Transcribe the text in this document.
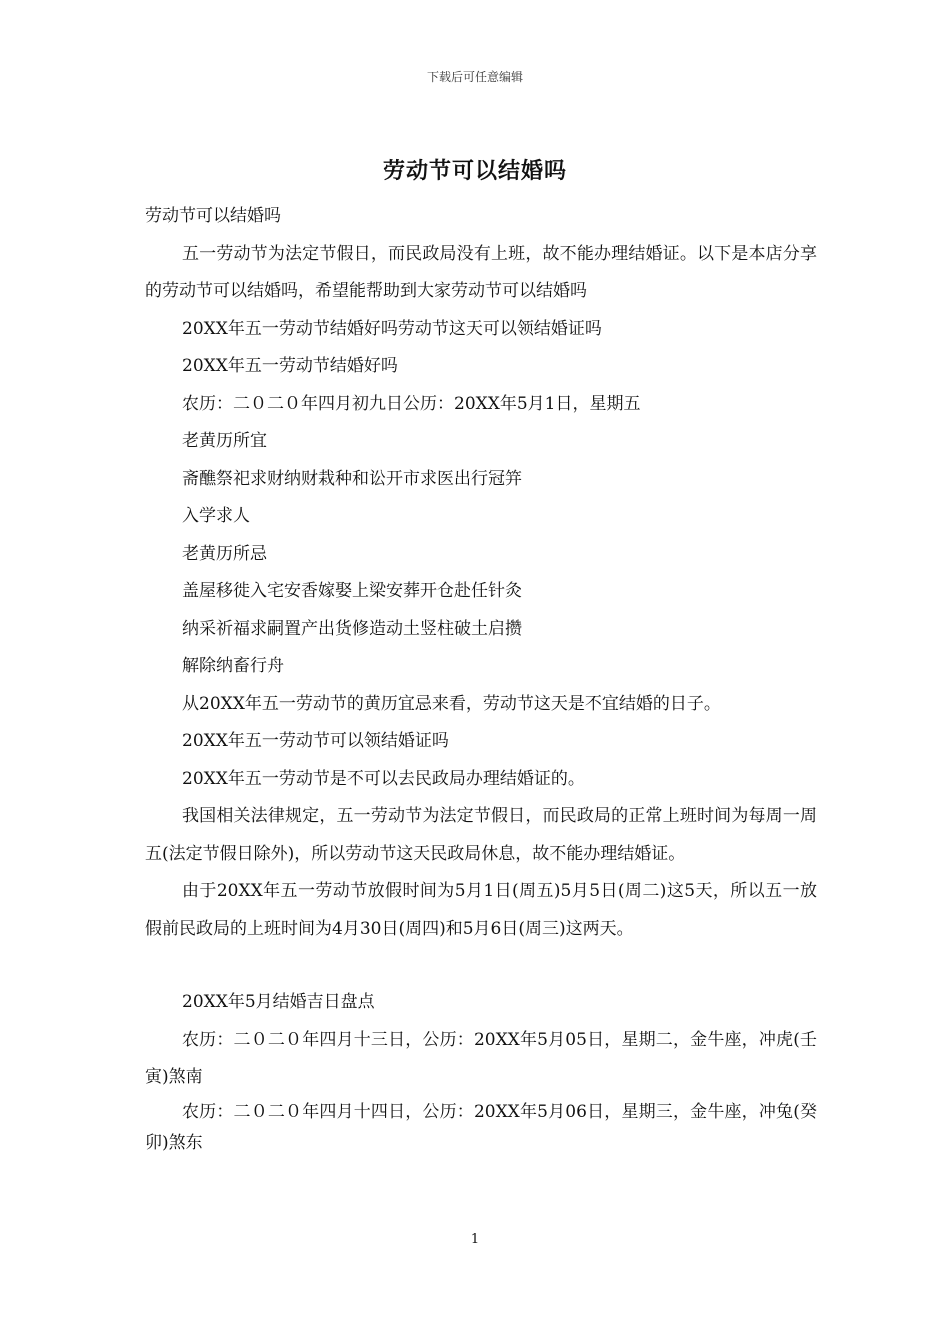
下载后可任意编辑
劳动节可以结婚吗

劳动节可以结婚吗

五一劳动节为法定节假日，而民政局没有上班，故不能办理结婚证。以下是本店分享的劳动节可以结婚吗，希望能帮助到大家劳动节可以结婚吗

20XX年五一劳动节结婚好吗劳动节这天可以领结婚证吗

20XX年五一劳动节结婚好吗

农历：二０二０年四月初九日公历：20XX年5月1日，星期五

老黄历所宜

斋醮祭祀求财纳财栽种和讼开市求医出行冠笄

入学求人

老黄历所忌

盖屋移徙入宅安香嫁娶上梁安葬开仓赴任针灸

纳采祈福求嗣置产出货修造动土竖柱破土启攒

解除纳畜行舟

从20XX年五一劳动节的黄历宜忌来看，劳动节这天是不宜结婚的日子。

20XX年五一劳动节可以领结婚证吗

20XX年五一劳动节是不可以去民政局办理结婚证的。

我国相关法律规定，五一劳动节为法定节假日，而民政局的正常上班时间为每周一周五(法定节假日除外)，所以劳动节这天民政局休息，故不能办理结婚证。

由于20XX年五一劳动节放假时间为5月1日(周五)5月5日(周二)这5天，所以五一放假前民政局的上班时间为4月30日(周四)和5月6日(周三)这两天。

20XX年5月结婚吉日盘点

农历：二０二０年四月十三日，公历：20XX年5月05日，星期二，金牛座，冲虎(壬寅)煞南

农历：二０二０年四月十四日，公历：20XX年5月06日，星期三，金牛座，冲兔(癸卯)煞东

1
